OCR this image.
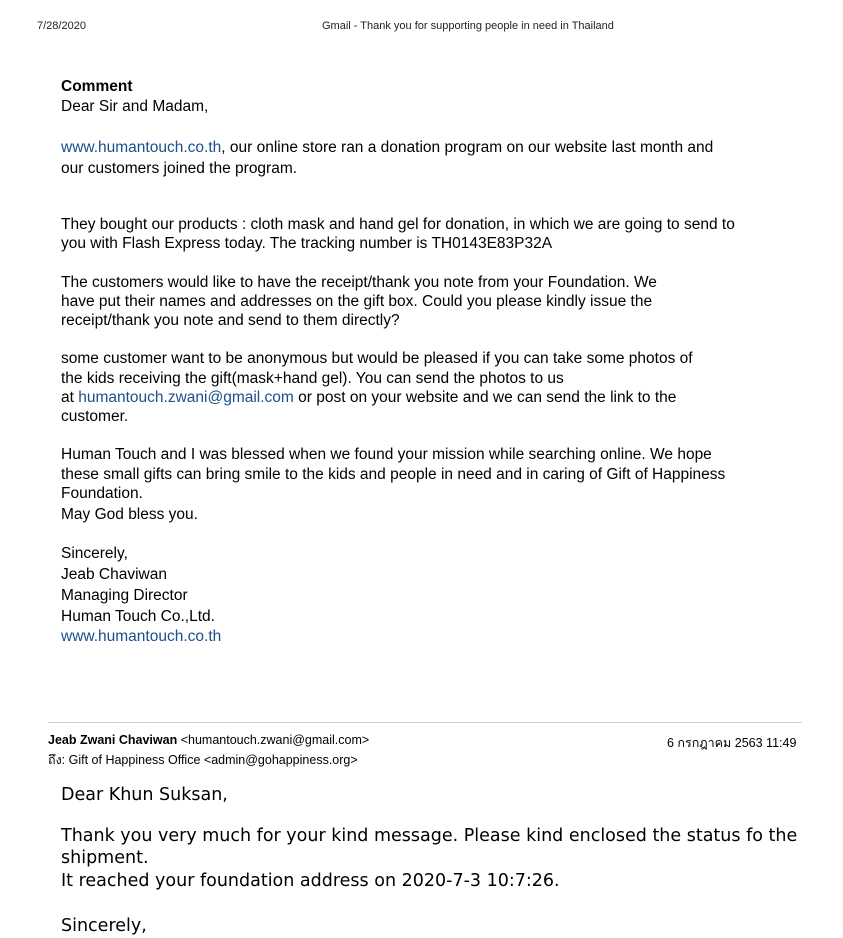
7/28/2020	Gmail - Thank you for supporting people in need in Thailand
Comment
Dear Sir and Madam,
www.humantouch.co.th, our online store ran a donation program on our website last month and
our customers joined the program.
They bought our products : cloth mask and hand gel for donation, in which we are going to send to
you with Flash Express today. The tracking number is TH0143E83P32A
The customers would like to have the receipt/thank you note from your Foundation. We
have put their names and addresses on the gift box. Could you please kindly issue the
receipt/thank you note and send to them directly?
some customer want to be anonymous but would be pleased if you can take some photos of
the kids receiving the gift(mask+hand gel). You can send the photos to us
at humantouch.zwani@gmail.com or post on your website and we can send the link to the
customer.
Human Touch and I was blessed when we found your mission while searching online. We hope
these small gifts can bring smile to the kids and people in need and in caring of Gift of Happiness
Foundation.
May God bless you.
Sincerely,
Jeab Chaviwan
Managing Director
Human Touch Co.,Ltd.
www.humantouch.co.th
Jeab Zwani Chaviwan <humantouch.zwani@gmail.com>	6 กรกฎาคม 2563 11:49
ถึง: Gift of Happiness Office <admin@gohappiness.org>
Dear Khun Suksan,
Thank you very much for your kind message. Please kind enclosed the status fo the
shipment.
It reached your foundation address on 2020-7-3 10:7:26.
Sincerely,
